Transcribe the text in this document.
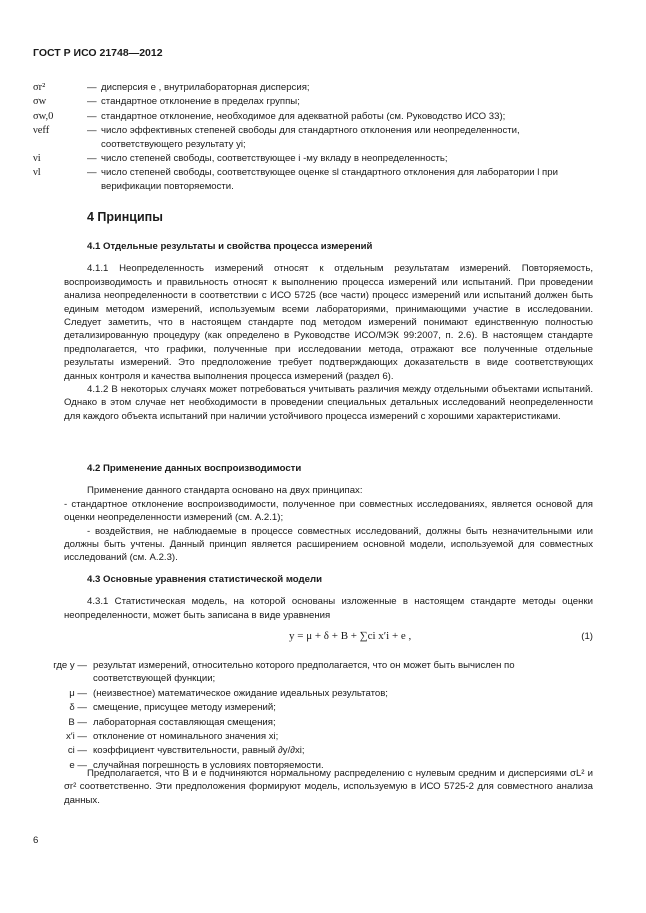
ГОСТ Р ИСО 21748—2012
σr²	— дисперсия e , внутрилабораторная дисперсия;
σw	— стандартное отклонение в пределах группы;
σw,0	— стандартное отклонение, необходимое для адекватной работы (см. Руководство ИСО 33);
νeff	— число эффективных степеней свободы для стандартного отклонения или неопределенности, соответствующего результату yi;
νi	— число степеней свободы, соответствующее i -му вкладу в неопределенность;
νl	— число степеней свободы, соответствующее оценке sl стандартного отклонения для лаборатории l при верификации повторяемости.
4 Принципы

4.1 Отдельные результаты и свойства процесса измерений

4.1.1 Неопределенность измерений относят к отдельным результатам измерений. Повторяемость, воспроизводимость и правильность относят к выполнению процесса измерений или испытаний. При проведении анализа неопределенности в соответствии с ИСО 5725 (все части) процесс измерений или испытаний должен быть единым методом измерений, используемым всеми лабораториями, принимающими участие в исследовании. Следует заметить, что в настоящем стандарте под методом измерений понимают единственную полностью детализированную процедуру (как определено в Руководстве ИСО/МЭК 99:2007, п. 2.6). В настоящем стандарте предполагается, что графики, полученные при исследовании метода, отражают все полученные отдельные результаты измерений. Это предположение требует подтверждающих доказательств в виде соответствующих данных контроля и качества выполнения процесса измерений (раздел 6).

4.1.2 В некоторых случаях может потребоваться учитывать различия между отдельными объектами испытаний. Однако в этом случае нет необходимости в проведении специальных детальных исследований неопределенности для каждого объекта испытаний при наличии устойчивого процесса измерений с хорошими характеристиками.

4.2 Применение данных воспроизводимости

Применение данного стандарта основано на двух принципах:

- стандартное отклонение воспроизводимости, полученное при совместных исследованиях, является основой для оценки неопределенности измерений (см. А.2.1);

- воздействия, не наблюдаемые в процессе совместных исследований, должны быть незначительными или должны быть учтены. Данный принцип является расширением основной модели, используемой для совместных исследований (см. А.2.3).

4.3 Основные уравнения статистической модели

4.3.1 Статистическая модель, на которой основаны изложенные в настоящем стандарте методы оценки неопределенности, может быть записана в виде уравнения

y = μ + δ + B + ∑ci x′i + e ,	(1)
где y — результат измерений, относительно которого предполагается, что он может быть вычислен по соответствующей функции;
μ — (неизвестное) математическое ожидание идеальных результатов;
δ — смещение, присущее методу измерений;
B — лабораторная составляющая смещения;
x′i — отклонение от номинального значения xi;
ci — коэффициент чувствительности, равный ∂y/∂xi;
e — случайная погрешность в условиях повторяемости.

Предполагается, что B и e подчиняются нормальному распределению с нулевым средним и дисперсиями σL² и σr² соответственно. Эти предположения формируют модель, используемую в ИСО 5725-2 для совместного анализа данных.

6
